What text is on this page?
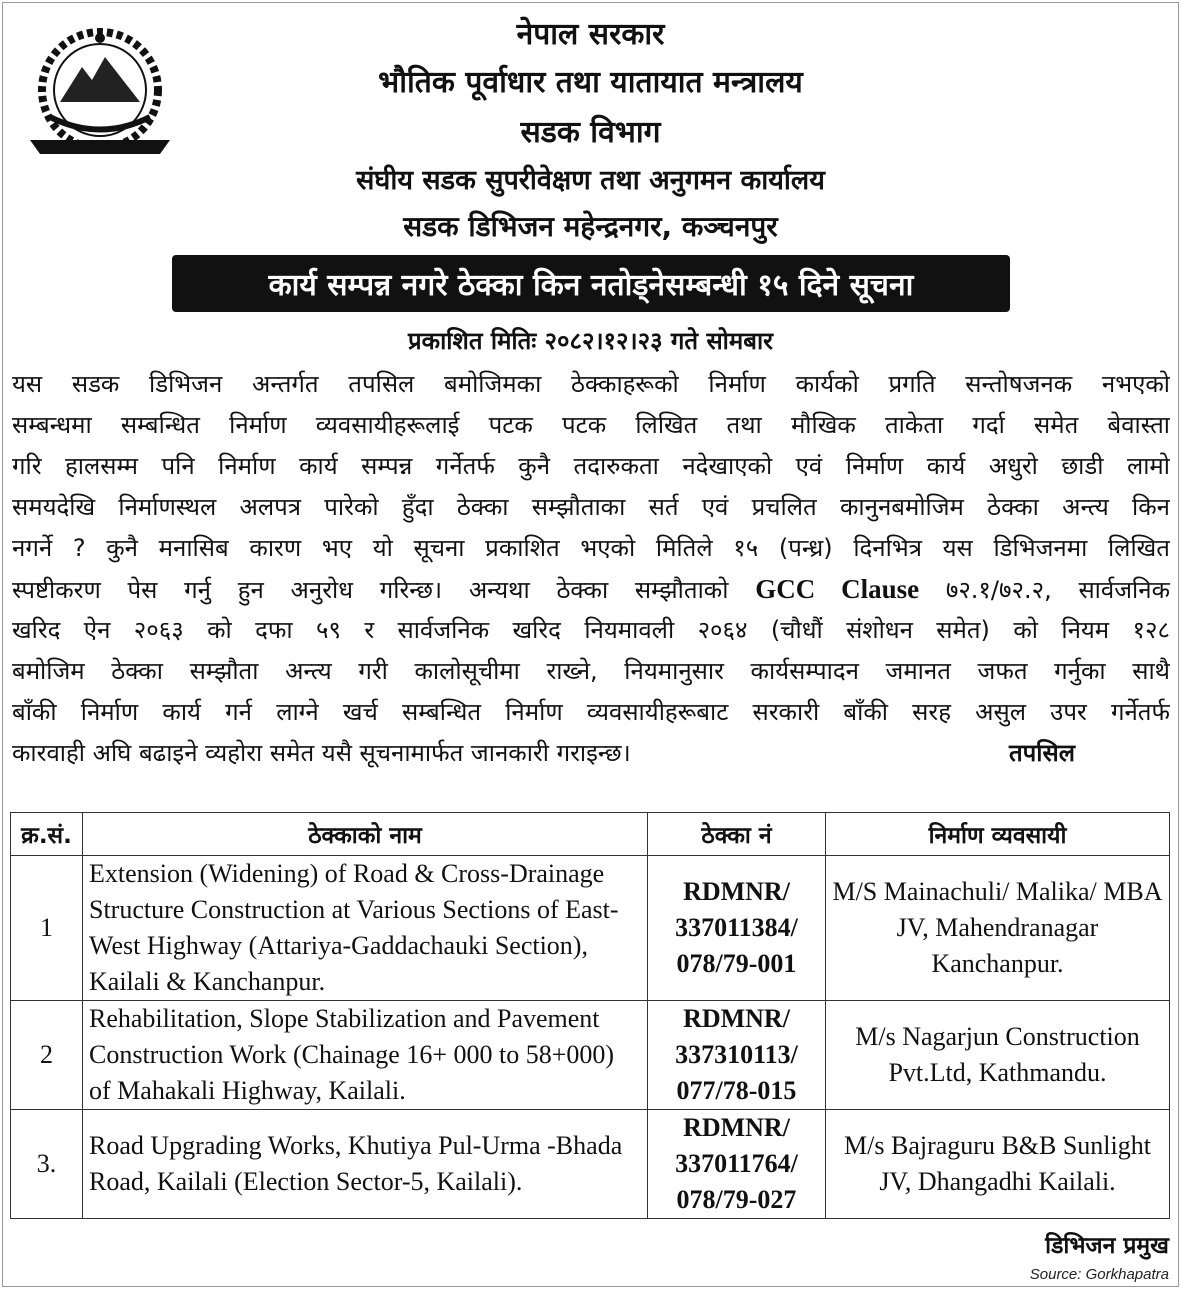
नेपाल सरकार
भौतिक पूर्वाधार तथा यातायात मन्त्रालय
सडक विभाग
संघीय सडक सुपरीवेक्षण तथा अनुगमन कार्यालय
सडक डिभिजन महेन्द्रनगर, कञ्चनपुर
कार्य सम्पन्न नगरे ठेक्का किन नतोड्नेसम्बन्धी १५ दिने सूचना
प्रकाशित मितिः २०८२।१२।२३ गते सोमबार
यस सडक डिभिजन अन्तर्गत तपसिल बमोजिमका ठेक्काहरूको निर्माण कार्यको प्रगति सन्तोषजनक नभएको
सम्बन्धमा सम्बन्धित निर्माण व्यवसायीहरूलाई पटक पटक लिखित तथा मौखिक ताकेता गर्दा समेत बेवास्ता
गरि हालसम्म पनि निर्माण कार्य सम्पन्न गर्नेतर्फ कुनै तदारुकता नदेखाएको एवं निर्माण कार्य अधुरो छाडी लामो
समयदेखि निर्माणस्थल अलपत्र पारेको हुँदा ठेक्का सम्झौताका सर्त एवं प्रचलित कानुनबमोजिम ठेक्का अन्त्य किन
नगर्ने ? कुनै मनासिब कारण भए यो सूचना प्रकाशित भएको मितिले १५ (पन्ध्र) दिनभित्र यस डिभिजनमा लिखित
स्पष्टीकरण पेस गर्नु हुन अनुरोध गरिन्छ। अन्यथा ठेक्का सम्झौताको GCC Clause ७२.१/७२.२, सार्वजनिक
खरिद ऐन २०६३ को दफा ५९ र सार्वजनिक खरिद नियमावली २०६४ (चौधौं संशोधन समेत) को नियम १२८
बमोजिम ठेक्का सम्झौता अन्त्य गरी कालोसूचीमा राख्ने, नियमानुसार कार्यसम्पादन जमानत जफत गर्नुका साथै
बाँकी निर्माण कार्य गर्न लाग्ने खर्च सम्बन्धित निर्माण व्यवसायीहरूबाट सरकारी बाँकी सरह असुल उपर गर्नेतर्फ
कारवाही अघि बढाइने व्यहोरा समेत यसै सूचनामार्फत जानकारी गराइन्छ।	तपसिल
क्र.सं.	ठेक्काको नाम	ठेक्का नं	निर्माण व्यवसायी
1	Extension (Widening) of Road & Cross-Drainage Structure Construction at Various Sections of East-West Highway (Attariya-Gaddachauki Section), Kailali & Kanchanpur.	RDMNR/ 337011384/ 078/79-001	M/S Mainachuli/ Malika/ MBA JV, Mahendranagar Kanchanpur.
2	Rehabilitation, Slope Stabilization and Pavement Construction Work (Chainage 16+ 000 to 58+000) of Mahakali Highway, Kailali.	RDMNR/ 337310113/ 077/78-015	M/s Nagarjun Construction Pvt.Ltd, Kathmandu.
3.	Road Upgrading Works, Khutiya Pul-Urma -Bhada Road, Kailali (Election Sector-5, Kailali).	RDMNR/ 337011764/ 078/79-027	M/s Bajraguru B&B Sunlight JV, Dhangadhi Kailali.
डिभिजन प्रमुख
Source: Gorkhapatra
